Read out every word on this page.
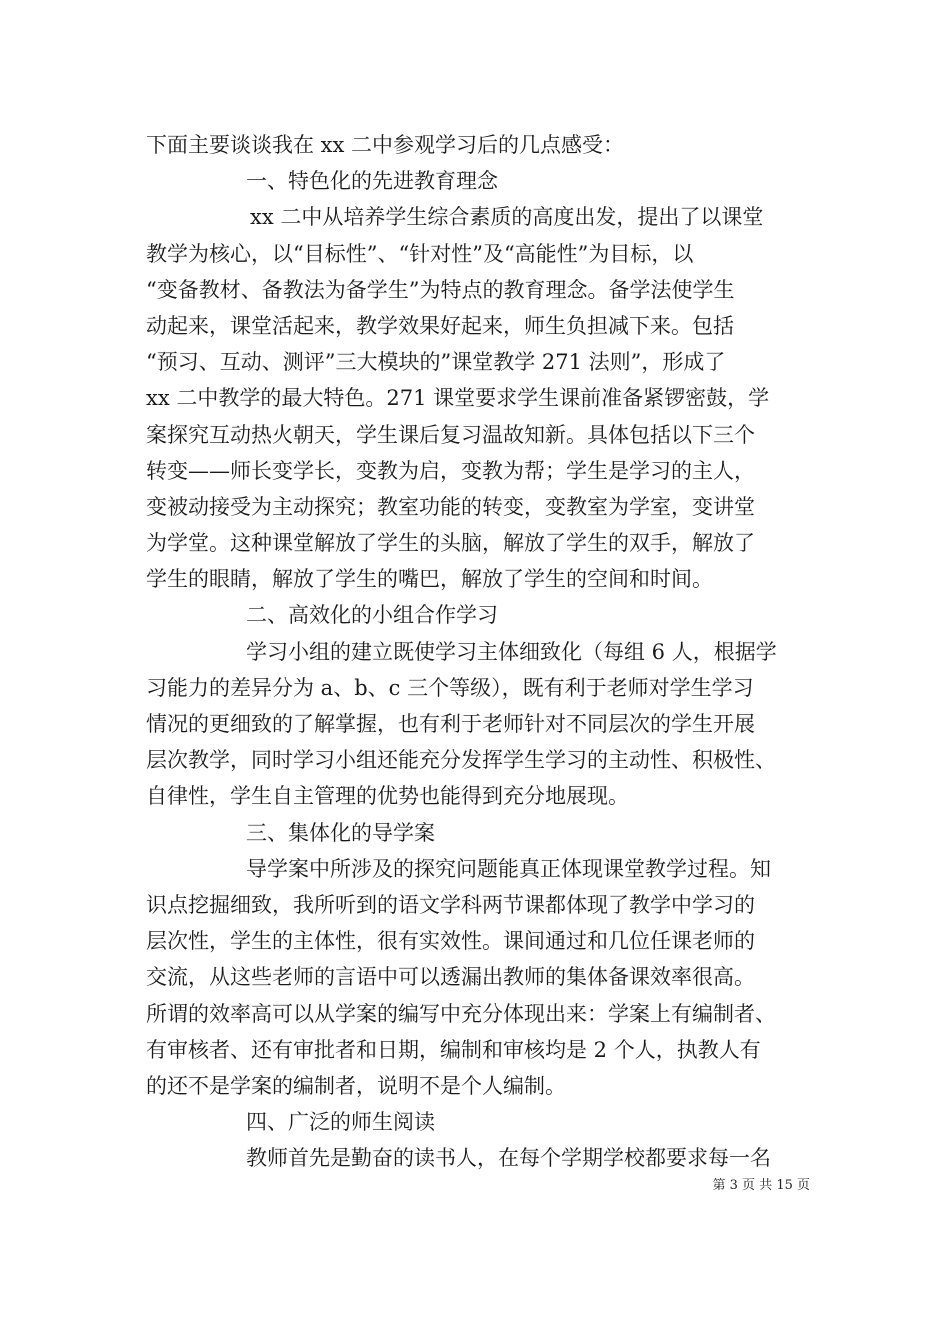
下面主要谈谈我在 xx 二中参观学习后的几点感受：
一、特色化的先进教育理念
xx 二中从培养学生综合素质的高度出发，提出了以课堂
教学为核心，以“目标性”、“针对性”及“高能性”为目标，以
“变备教材、备教法为备学生”为特点的教育理念。备学法使学生
动起来，课堂活起来，教学效果好起来，师生负担减下来。包括
“预习、互动、测评”三大模块的”课堂教学 271 法则”，形成了
xx 二中教学的最大特色。271 课堂要求学生课前准备紧锣密鼓，学
案探究互动热火朝天，学生课后复习温故知新。具体包括以下三个
转变——师长变学长，变教为启，变教为帮；学生是学习的主人，
变被动接受为主动探究；教室功能的转变，变教室为学室，变讲堂
为学堂。这种课堂解放了学生的头脑，解放了学生的双手，解放了
学生的眼睛，解放了学生的嘴巴，解放了学生的空间和时间。
二、高效化的小组合作学习
学习小组的建立既使学习主体细致化（每组 6 人，根据学
习能力的差异分为 a、b、c 三个等级），既有利于老师对学生学习
情况的更细致的了解掌握，也有利于老师针对不同层次的学生开展
层次教学，同时学习小组还能充分发挥学生学习的主动性、积极性、
自律性，学生自主管理的优势也能得到充分地展现。
三、集体化的导学案
导学案中所涉及的探究问题能真正体现课堂教学过程。知
识点挖掘细致，我所听到的语文学科两节课都体现了教学中学习的
层次性，学生的主体性，很有实效性。课间通过和几位任课老师的
交流，从这些老师的言语中可以透漏出教师的集体备课效率很高。
所谓的效率高可以从学案的编写中充分体现出来：学案上有编制者、
有审核者、还有审批者和日期，编制和审核均是 2 个人，执教人有
的还不是学案的编制者，说明不是个人编制。
四、广泛的师生阅读
教师首先是勤奋的读书人，在每个学期学校都要求每一名
第 3 页 共 15 页
